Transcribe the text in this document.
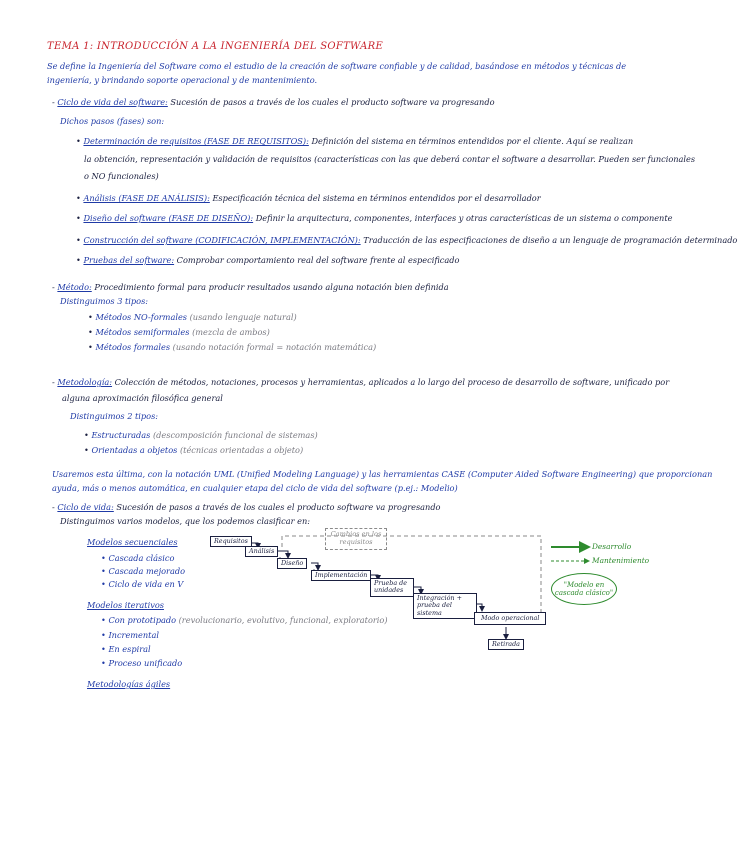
TEMA 1: INTRODUCCIÓN A LA INGENIERÍA DEL SOFTWARE
Se define la Ingeniería del Software como el estudio de la creación de software confiable y de calidad, basándose en métodos y técnicas de
ingeniería, y brindando soporte operacional y de mantenimiento.
- Ciclo de vida del software: Sucesión de pasos a través de los cuales el producto software va progresando
Dichos pasos (fases) son:
• Determinación de requisitos (FASE DE REQUISITOS): Definición del sistema en términos entendidos por el cliente. Aquí se realizan
la obtención, representación y validación de requisitos (características con las que deberá contar el software a desarrollar. Pueden ser funcionales
o NO funcionales)
• Análisis (FASE DE ANÁLISIS): Especificación técnica del sistema en términos entendidos por el desarrollador
• Diseño del software (FASE DE DISEÑO): Definir la arquitectura, componentes, interfaces y otras características de un sistema o componente
• Construcción del software (CODIFICACIÓN, IMPLEMENTACIÓN): Traducción de las especificaciones de diseño a un lenguaje de programación determinado
• Pruebas del software: Comprobar comportamiento real del software frente al especificado
- Método: Procedimiento formal para producir resultados usando alguna notación bien definida
Distinguimos 3 tipos:
• Métodos NO-formales (usando lenguaje natural)
• Métodos semiformales (mezcla de ambos)
• Métodos formales (usando notación formal = notación matemática)
- Metodología: Colección de métodos, notaciones, procesos y herramientas, aplicados a lo largo del proceso de desarrollo de software, unificado por
alguna aproximación filosófica general
Distinguimos 2 tipos:
• Estructuradas (descomposición funcional de sistemas)
• Orientadas a objetos (técnicas orientadas a objeto)
Usaremos esta última, con la notación UML (Unified Modeling Language) y las herramientas CASE (Computer Aided Software Engineering) que proporcionan
ayuda, más o menos automática, en cualquier etapa del ciclo de vida del software (p.ej.: Modelio)
- Ciclo de vida: Sucesión de pasos a través de los cuales el producto software va progresando
Distinguimos varios modelos, que los podemos clasificar en:
Modelos secuenciales
• Cascada clásico
• Cascada mejorado
• Ciclo de vida en V
Modelos iterativos
• Con prototipado (revolucionario, evolutivo, funcional, exploratorio)
• Incremental
• En espiral
• Proceso unificado
Metodologías ágiles
Requisitos
Análisis
Diseño
Implementación
Prueba de unidades
Integración + prueba del sistema
Modo operacional
Retirada
Cambios en los requisitos
Desarrollo
Mantenimiento
"Modelo en cascada clásico"
